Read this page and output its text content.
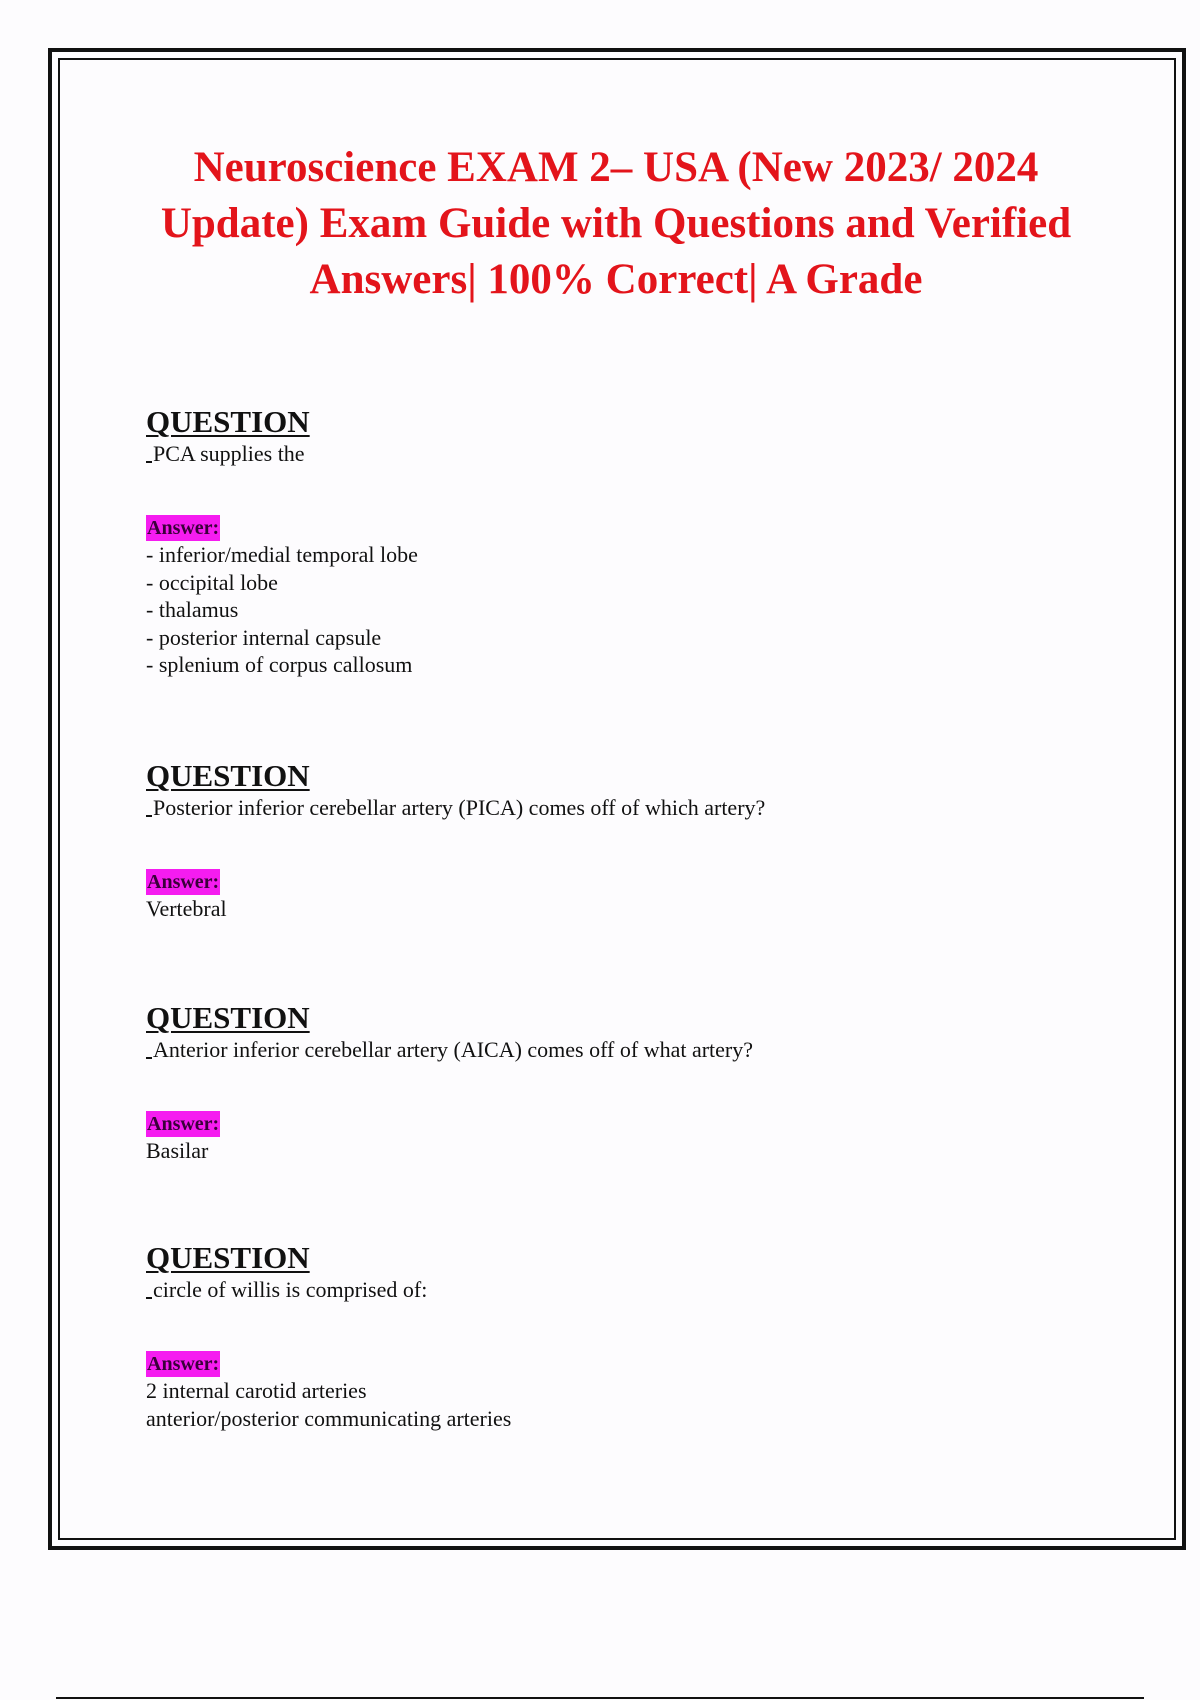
Neuroscience EXAM 2– USA (New 2023/ 2024 Update) Exam Guide with Questions and Verified Answers| 100% Correct| A Grade
QUESTION
PCA supplies the
Answer:
- inferior/medial temporal lobe
- occipital lobe
- thalamus
- posterior internal capsule
- splenium of corpus callosum
QUESTION
Posterior inferior cerebellar artery (PICA) comes off of which artery?
Answer:
Vertebral
QUESTION
Anterior inferior cerebellar artery (AICA) comes off of what artery?
Answer:
Basilar
QUESTION
circle of willis is comprised of:
Answer:
2 internal carotid arteries
anterior/posterior communicating arteries
